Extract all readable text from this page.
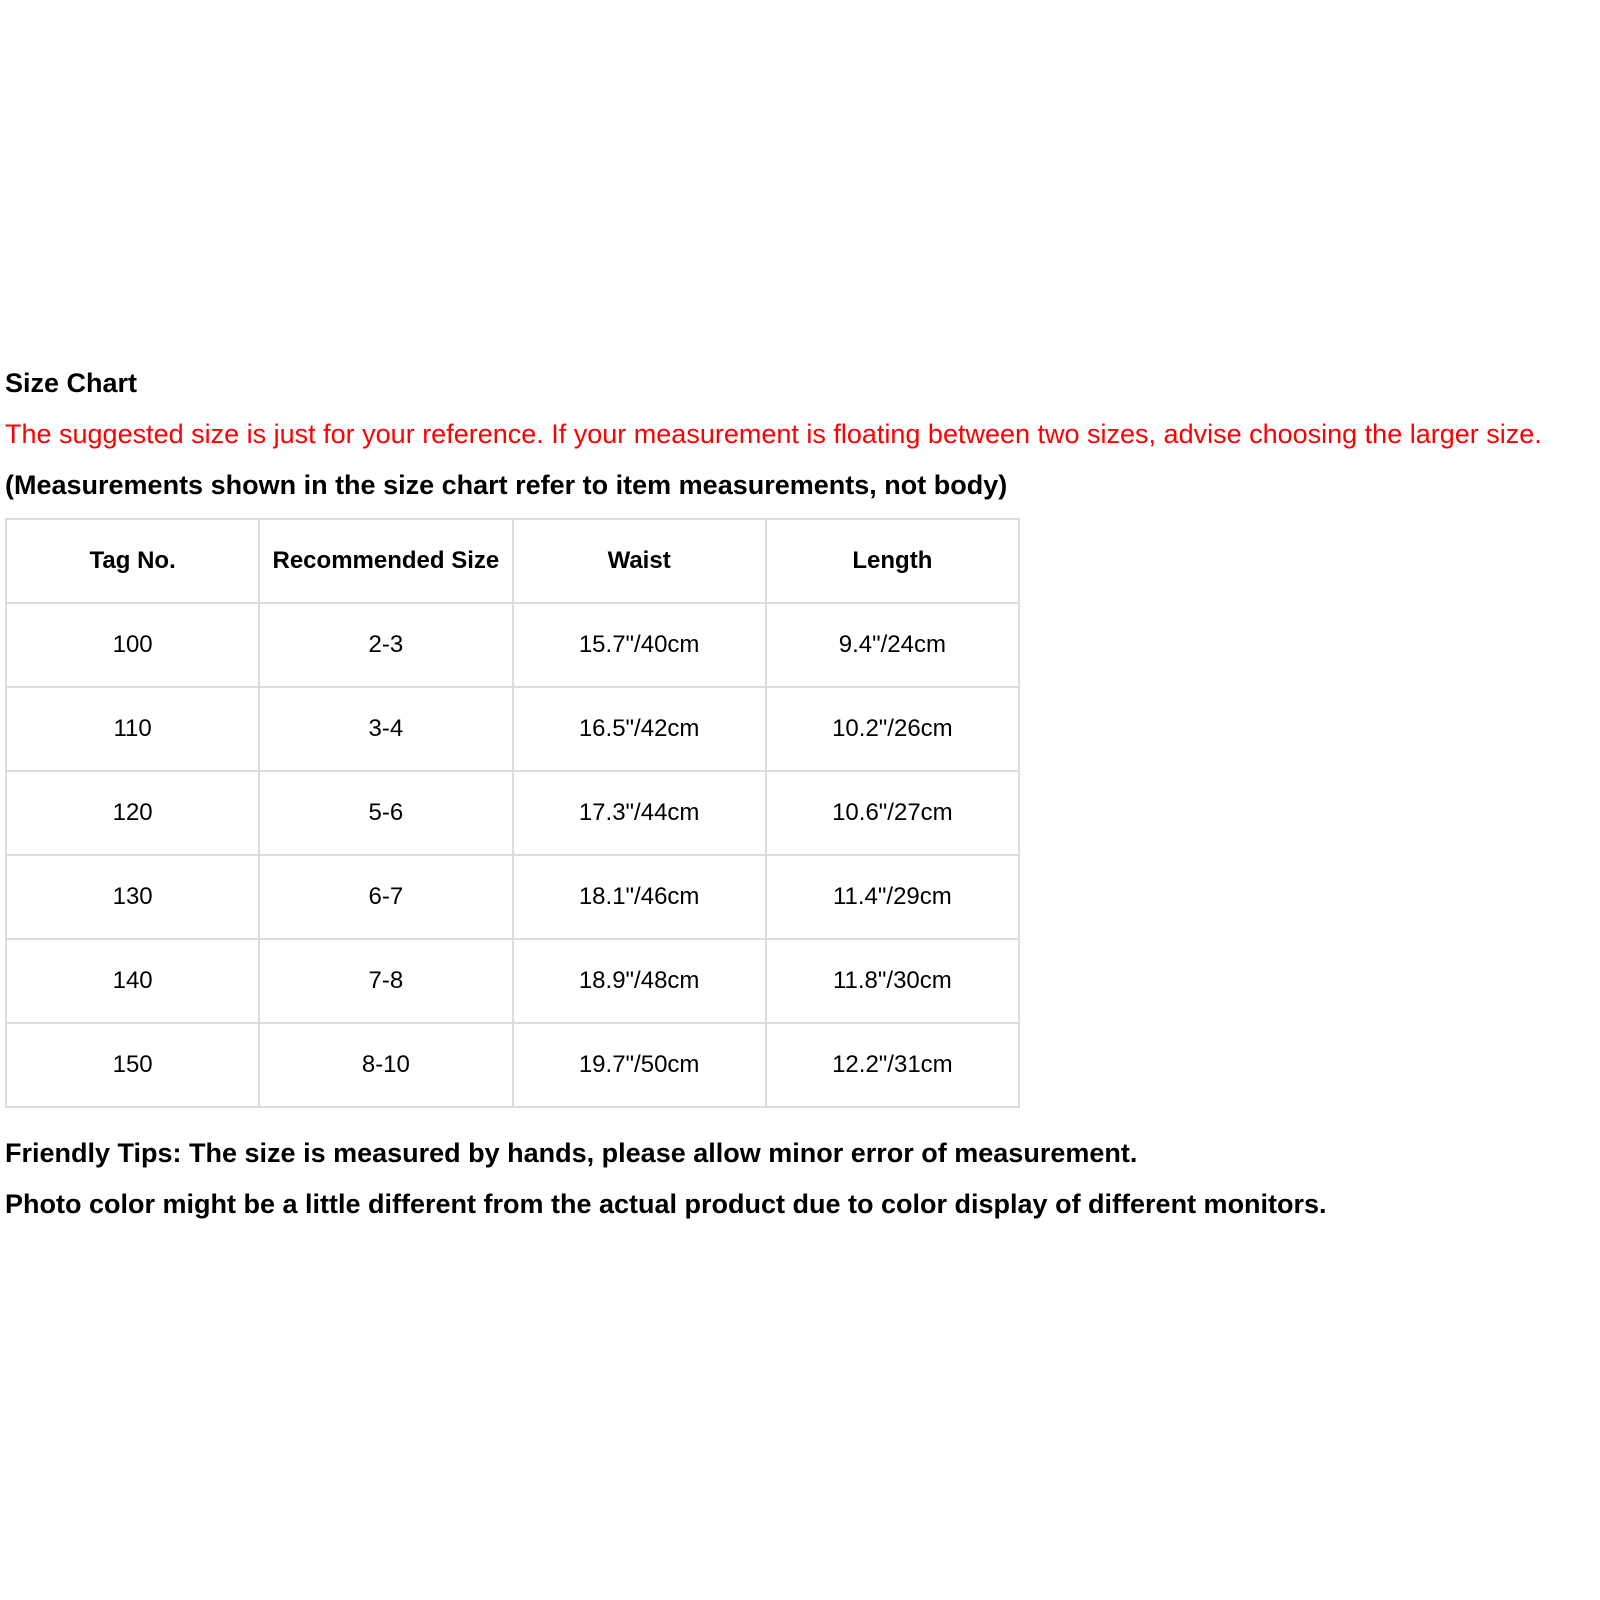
Size Chart
The suggested size is just for your reference. If your measurement is floating between two sizes, advise choosing the larger size.
(Measurements shown in the size chart refer to item measurements, not body)
Tag No.	Recommended Size	Waist	Length
100	2-3	15.7"/40cm	9.4"/24cm
110	3-4	16.5"/42cm	10.2"/26cm
120	5-6	17.3"/44cm	10.6"/27cm
130	6-7	18.1"/46cm	11.4"/29cm
140	7-8	18.9"/48cm	11.8"/30cm
150	8-10	19.7"/50cm	12.2"/31cm
Friendly Tips: The size is measured by hands, please allow minor error of measurement.
Photo color might be a little different from the actual product due to color display of different monitors.
